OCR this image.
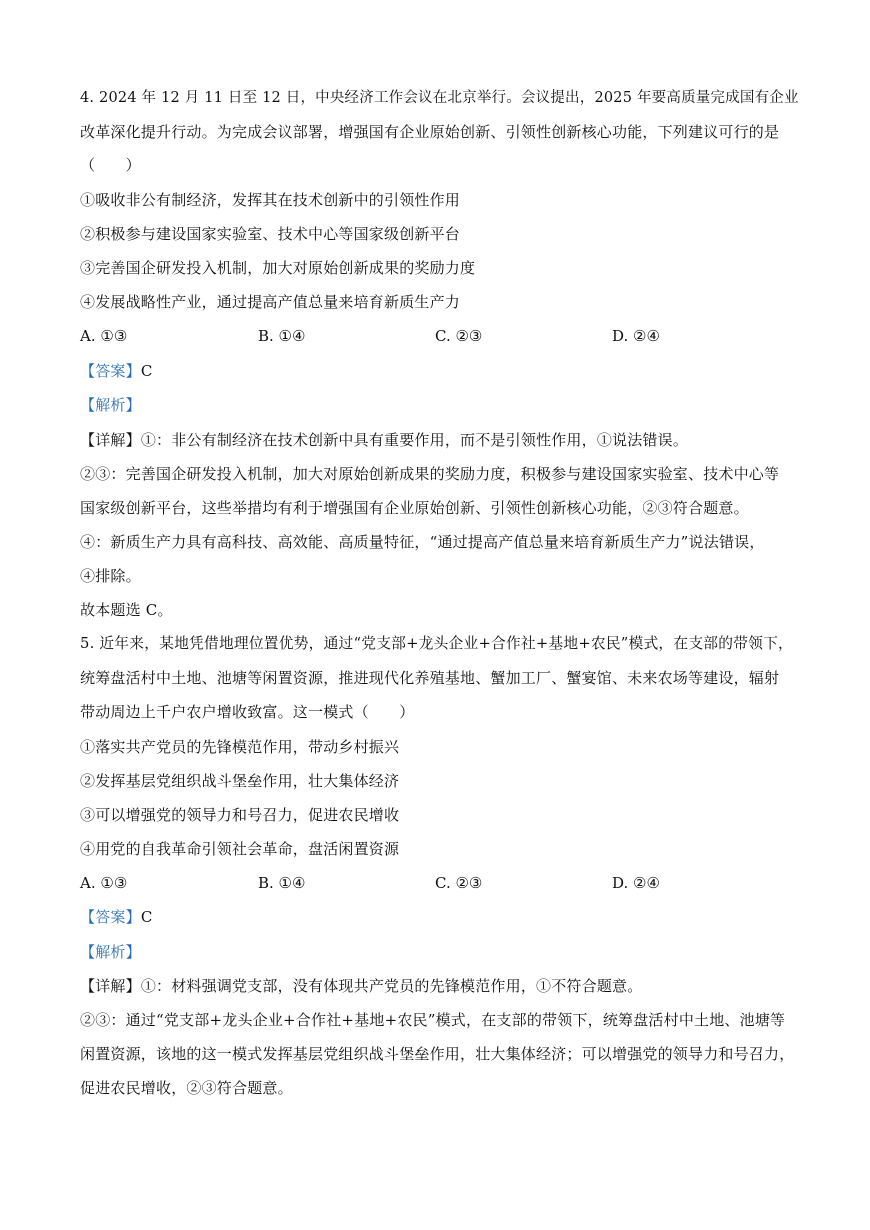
4. 2024 年 12 月 11 日至 12 日，中央经济工作会议在北京举行。会议提出，2025 年要高质量完成国有企业
改革深化提升行动。为完成会议部署，增强国有企业原始创新、引领性创新核心功能，下列建议可行的是
（　　）
①吸收非公有制经济，发挥其在技术创新中的引领性作用
②积极参与建设国家实验室、技术中心等国家级创新平台
③完善国企研发投入机制，加大对原始创新成果的奖励力度
④发展战略性产业，通过提高产值总量来培育新质生产力
A. ①③	B. ①④	C. ②③	D. ②④
【答案】C
【解析】
【详解】①：非公有制经济在技术创新中具有重要作用，而不是引领性作用，①说法错误。
②③：完善国企研发投入机制，加大对原始创新成果的奖励力度，积极参与建设国家实验室、技术中心等
国家级创新平台，这些举措均有利于增强国有企业原始创新、引领性创新核心功能，②③符合题意。
④：新质生产力具有高科技、高效能、高质量特征，“通过提高产值总量来培育新质生产力”说法错误，
④排除。
故本题选 C。
5. 近年来，某地凭借地理位置优势，通过“党支部+龙头企业+合作社+基地+农民”模式，在支部的带领下，
统筹盘活村中土地、池塘等闲置资源，推进现代化养殖基地、蟹加工厂、蟹宴馆、未来农场等建设，辐射
带动周边上千户农户增收致富。这一模式（　　）
①落实共产党员的先锋模范作用，带动乡村振兴
②发挥基层党组织战斗堡垒作用，壮大集体经济
③可以增强党的领导力和号召力，促进农民增收
④用党的自我革命引领社会革命，盘活闲置资源
A. ①③	B. ①④	C. ②③	D. ②④
【答案】C
【解析】
【详解】①：材料强调党支部，没有体现共产党员的先锋模范作用，①不符合题意。
②③：通过“党支部+龙头企业+合作社+基地+农民”模式，在支部的带领下，统筹盘活村中土地、池塘等
闲置资源，该地的这一模式发挥基层党组织战斗堡垒作用，壮大集体经济；可以增强党的领导力和号召力，
促进农民增收，②③符合题意。
